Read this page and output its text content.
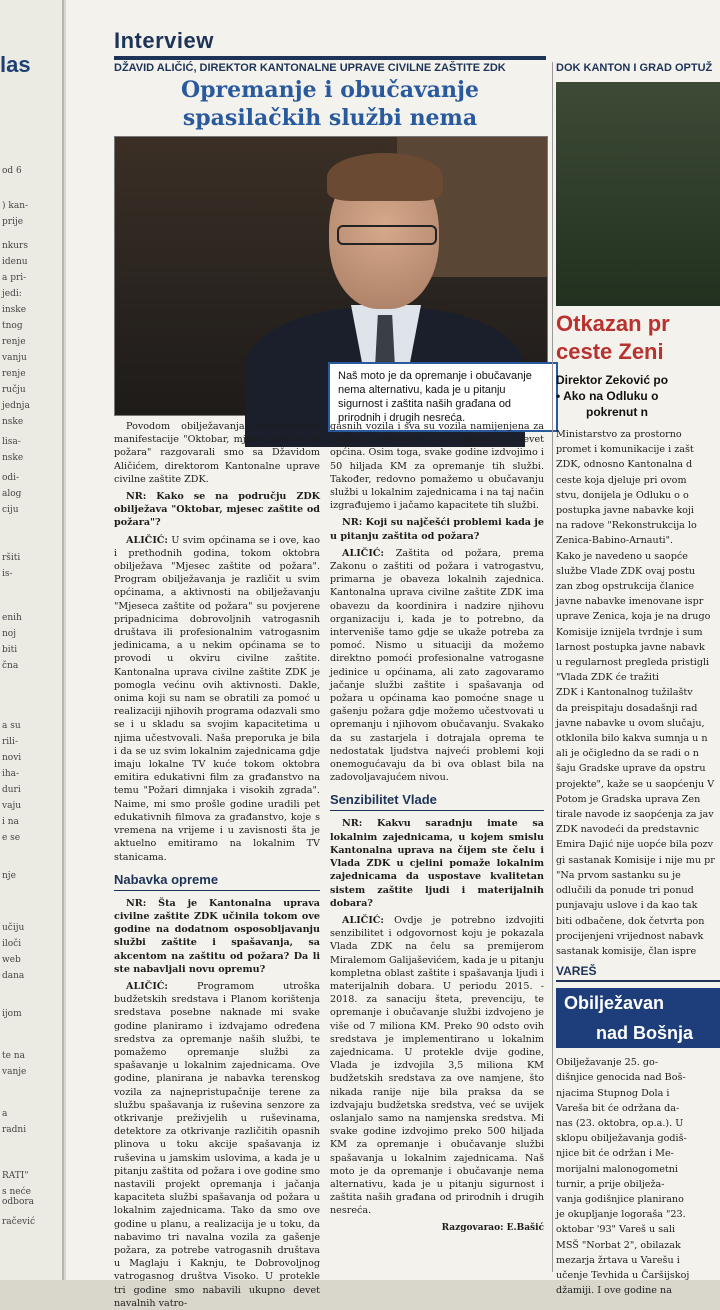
las
od 6
) kan-
prije
nkurs
idenu
a pri-
jedi:
inske
tnog
renje
vanju
renje
ručju
jednja
nske
lisa-
nske
odi-
alog
ciju
ršiti
is-
enih
noj
biti
čna
a su
rili-
novi
iha-
duri
vaju
i na
e se
nje
učiju
iloči
web
dana
ijom
te na
vanje
a
radni
RATI"
s neće
odbora
račević
Interview
DŽAVID ALIČIĆ, DIREKTOR KANTONALNE UPRAVE CIVILNE ZAŠTITE ZDK
Opremanje i obučavanje spasilačkih službi nema
Naš moto je da opremanje i obučavanje nema alternativu, kada je u pitanju sigurnost i zaštita naših građana od prirodnih i drugih nesreća.

Povodom obilježavanja tradicionalne manifestacije "Oktobar, mjesec zaštite od požara" razgovarali smo sa Džavidom Aličićem, direktorom Kantonalne uprave civilne zaštite ZDK.

NR: Kako se na području ZDK obilježava "Oktobar, mjesec zaštite od požara"?

ALIČIĆ: U svim općinama se i ove, kao i prethodnih godina, tokom oktobra obilježava "Mjesec zaštite od požara". Program obilježavanja je različit u svim općinama, a aktivnosti na obilježavanju "Mjeseca zaštite od požara" su povjerene pripadnicima dobrovoljnih vatrogasnih društava ili profesionalnim vatrogasnim jedinicama, a u nekim općinama se to provodi u okviru civilne zaštite. Kantonalna uprava civilne zaštite ZDK je pomogla većinu ovih aktivnosti. Dakle, onima koji su nam se obratili za pomoć u realizaciji njihovih programa odazvali smo se i u skladu sa svojim kapacitetima u njima učestvovali. Naša preporuka je bila i da se uz svim lokalnim zajednicama gdje imaju lokalne TV kuće tokom oktobra emitira edukativni film za građanstvo na temu "Požari dimnjaka i visokih zgrada". Naime, mi smo prošle godine uradili pet edukativnih filmova za građanstvo, koje s vremena na vrijeme i u zavisnosti šta je aktuelno emitiramo na lokalnim TV stanicama.

Nabavka opreme

NR: Šta je Kantonalna uprava civilne zaštite ZDK učinila tokom ove godine na dodatnom osposobljavanju službi zaštite i spašavanja, sa akcentom na zaštitu od požara? Da li ste nabavljali novu opremu?

ALIČIĆ:	Programom utroška budžetskih sredstava i Planom korištenja sredstava posebne naknade mi svake godine planiramo i izdvajamo određena sredstva za opremanje naših službi, te pomažemo opremanje službi za spašavanje u lokalnim zajednicama. Ove godine, planirana je nabavka terenskog vozila za najnepristupačnije terene za službu spašavanja iz ruševina senzore za otkrivanje preživjelih u ruševinama, detektore za otkrivanje različitih opasnih plinova u toku akcije spašavanja iz ruševina u jamskim uslovima, a kada je u pitanju zaštita od požara i ove godine smo nastavili projekt opremanja i jačanja kapaciteta službi spašavanja od požara u lokalnim zajednicama. Tako da smo ove godine u planu, a realizacija je u toku, da nabavimo tri navalna vozila za gašenje požara, za potrebe vatrogasnih društava u Maglaju i Kaknju, te Dobrovoljnog vatrogasnog društva Visoko. U protekle tri godine smo nabavili ukupno devet navalnih vatro-

gasnih vozila i sva su vozila namijenjena za službe spašavanja od požara u devet općina. Osim toga, svake godine izdvojimo i 50 hiljada KM za opremanje tih službi. Također, redovno pomažemo u obučavanju službi u lokalnim zajednicama i na taj način izgrađujemo i jačamo kapacitete tih službi.

NR: Koji su najčešći problemi kada je u pitanju zaštita od požara?

ALIČIĆ: Zaštita od požara, prema Zakonu o zaštiti od požara i vatrogastvu, primarna je obaveza lokalnih zajednica. Kantonalna uprava civilne zaštite ZDK ima obavezu da koordinira i nadzire njihovu organizaciju i, kada je to potrebno, da interveniše tamo gdje se ukaže potreba za pomoć. Nismo u situaciji da možemo direktno pomoći profesionalne vatrogasne jedinice u općinama, ali zato zagovaramo jačanje službi zaštite i spašavanja od požara u općinama kao pomoćne snage u gašenju požara gdje možemo učestvovati u opremanju i njihovom obučavanju. Svakako da su zastarjela i dotrajala oprema te nedostatak ljudstva najveći problemi koji onemogućavaju da bi ova oblast bila na zadovoljavajućem nivou.

Senzibilitet Vlade

NR: Kakvu saradnju imate sa lokalnim zajednicama, u kojem smislu Kantonalna uprava na čijem ste čelu i Vlada ZDK u cjelini pomaže lokalnim zajednicama da uspostave kvalitetan sistem zaštite ljudi i materijalnih dobara?

ALIČIĆ: Ovdje je potrebno izdvojiti senzibilitet i odgovornost koju je pokazala Vlada ZDK na čelu sa premijerom Miralemom Galijaševićem, kada je u pitanju kompletna oblast zaštite i spašavanja ljudi i materijalnih dobara. U periodu 2015. - 2018. za sanaciju šteta, prevenciju, te opremanje i obučavanje službi izdvojeno je više od 7 miliona KM. Preko 90 odsto ovih sredstava je implementirano u lokalnim zajednicama. U protekle dvije godine, Vlada je izdvojila 3,5 miliona KM budžetskih sredstava za ove namjene, što nikada ranije nije bila praksa da se izdvajaju budžetska sredstva, već se uvijek oslanjalo samo na namjenska sredstva. Mi svake godine izdvojimo preko 500 hiljada KM za opremanje i obučavanje službi spašavanja u lokalnim zajednicama. Naš moto je da opremanje i obučavanje nema alternativu, kada je u pitanju sigurnost i zaštita naših građana od prirodnih i drugih nesreća.

Razgovarao: E.Bašić
DOK KANTON I GRAD OPTUŽ
Otkazan pr
ceste Zeni
Direktor Zeković po
• Ako na Odluku o
pokrenut n

Ministarstvo za prostorno

promet i komunikacije i zašt

ZDK, odnosno Kantonalna d

ceste koja djeluje pri ovom

stvu, donijela je Odluku o o

postupka javne nabavke koji

na radove "Rekonstrukcija lo

Zenica-Babino-Arnauti".

Kako je navedeno u saopće

službe Vlade ZDK ovaj postu

zan zbog opstrukcija članice

javne nabavke imenovane ispr

uprave Zenica, koja je na drugo

Komisije iznijela tvrdnje i sum

larnost postupka javne nabavk

u regularnost pregleda pristigli

"Vlada ZDK će tražiti

ZDK i Kantonalnog tužilaštv

da preispitaju dosadašnji rad

javne nabavke u ovom slučaju,

otklonila bilo kakva sumnja u n

ali je očigledno da se radi o n

šaju Gradske uprave da opstru

projekte", kaže se u saopćenju V

Potom je Gradska uprava Zen

tirale navode iz saopćenja za jav

ZDK navodeći da predstavnic

Emira Dajić nije uopće bila pozv

gi sastanak Komisije i nije mu pr

"Na prvom sastanku su je

odlučili da ponude tri ponud

punjavaju uslove i da kao tak

biti odbačene, dok četvrta pon

procijenjeni vrijednost nabavk

sastanak komisije, član ispre

VAREŠ
Obilježavan
nad Bošnja

Obilježavanje 25. go-

dišnjice genocida nad Boš-

njacima Stupnog Dola i

Vareša bit će održana da-

nas (23. oktobra, op.a.). U

sklopu obilježavanja godiš-

njice bit će održan i Me-

morijalni malonogometni

turnir, a prije obilježa-

vanja godišnjice planirano

je okupljanje logoraša "23.

oktobar '93" Vareš u sali

MSŠ "Norbat 2", obilazak

mezarja žrtava u Varešu i

učenje Tevhida u Čaršijskoj

džamiji. I ove godine na
